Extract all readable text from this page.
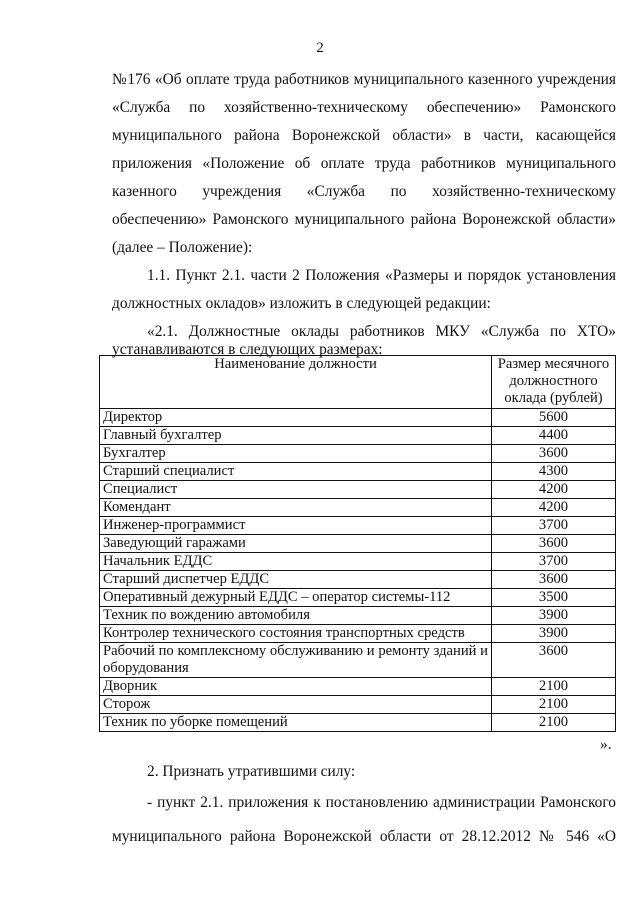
2
№176 «Об оплате труда работников муниципального казенного учреждения
«Служба по хозяйственно-техническому обеспечению» Рамонского
муниципального района Воронежской области» в части, касающейся
приложения «Положение об оплате труда работников муниципального
казенного учреждения «Служба по хозяйственно-техническому
обеспечению» Рамонского муниципального района Воронежской области»
(далее – Положение):
1.1. Пункт 2.1. части 2 Положения «Размеры и порядок установления
должностных окладов» изложить в следующей редакции:
«2.1. Должностные оклады работников МКУ «Служба по ХТО»
устанавливаются в следующих размерах:
Наименование должности	Размер месячного должностного оклада (рублей)
Директор	5600
Главный бухгалтер	4400
Бухгалтер	3600
Старший специалист	4300
Специалист	4200
Комендант	4200
Инженер-программист	3700
Заведующий гаражами	3600
Начальник ЕДДС	3700
Старший диспетчер ЕДДС	3600
Оперативный дежурный ЕДДС – оператор системы-112	3500
Техник по вождению автомобиля	3900
Контролер технического состояния транспортных средств	3900
Рабочий по комплексному обслуживанию и ремонту зданий и оборудования	3600
Дворник	2100
Сторож	2100
Техник по уборке помещений	2100
».
2. Признать утратившими силу:
- пункт 2.1. приложения к постановлению администрации Рамонского
муниципального района Воронежской области от 28.12.2012 № 546 «О
